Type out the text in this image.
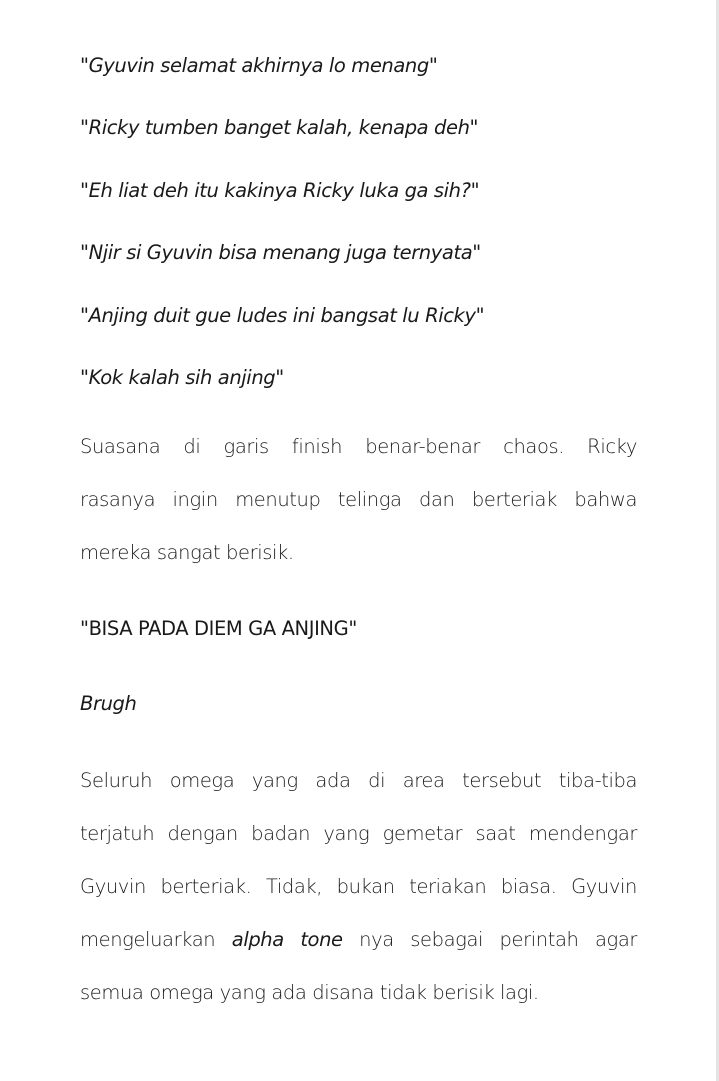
"Gyuvin selamat akhirnya lo menang"

"Ricky tumben banget kalah, kenapa deh"

"Eh liat deh itu kakinya Ricky luka ga sih?"

"Njir si Gyuvin bisa menang juga ternyata"

"Anjing duit gue ludes ini bangsat lu Ricky"

"Kok kalah sih anjing"

Suasana di garis finish benar-benar chaos. Ricky
rasanya ingin menutup telinga dan berteriak bahwa
mereka sangat berisik.

"BISA PADA DIEM GA ANJING"

Brugh

Seluruh omega yang ada di area tersebut tiba-tiba
terjatuh dengan badan yang gemetar saat mendengar
Gyuvin berteriak. Tidak, bukan teriakan biasa. Gyuvin
mengeluarkan alpha tone nya sebagai perintah agar
semua omega yang ada disana tidak berisik lagi.
